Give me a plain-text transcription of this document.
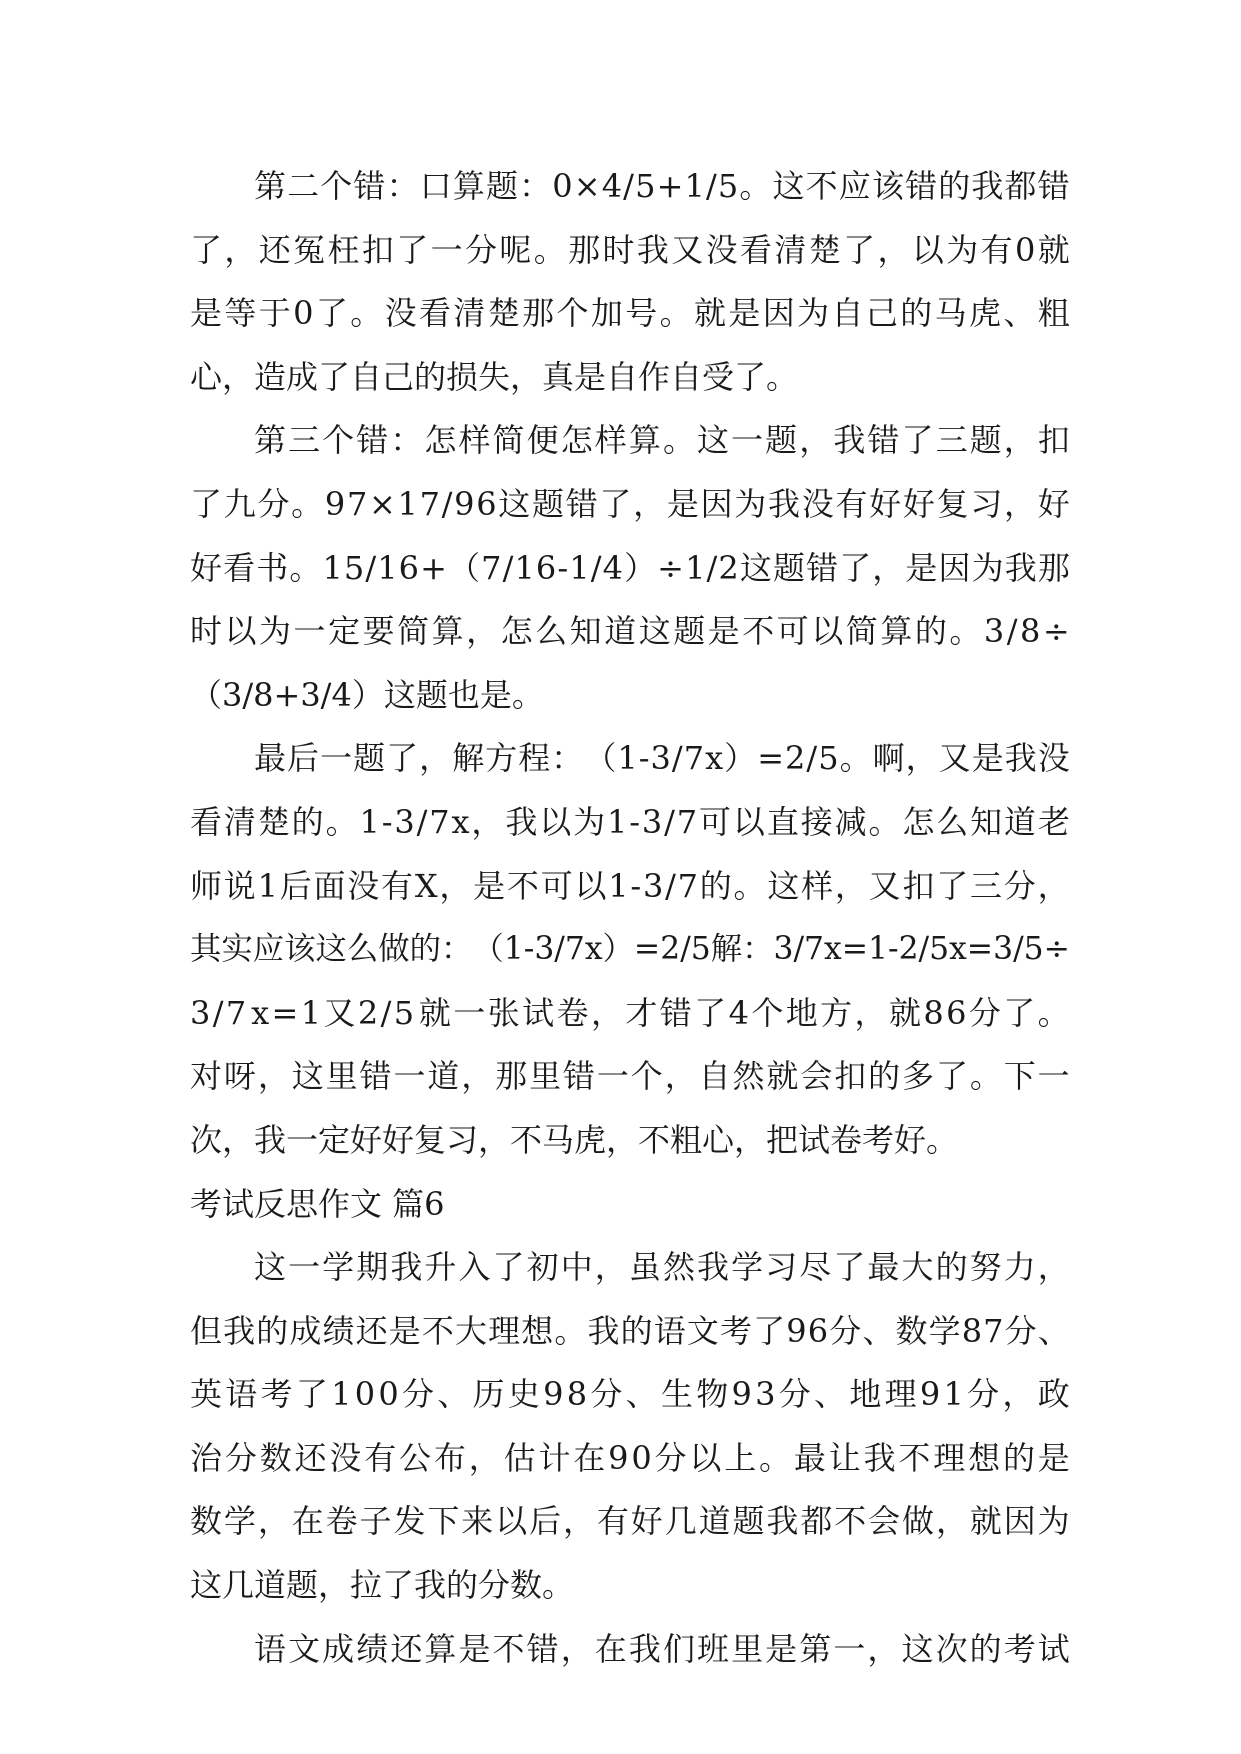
第 二 个 错 ： 口 算 题 ： 0 × 4 / 5 + 1 / 5 。 这 不 应 该 错 的 我 都 错
了 ， 还 冤 枉 扣 了 一 分 呢 。 那 时 我 又 没 看 清 楚 了 ， 以 为 有 0 就
是 等 于 0 了 。 没 看 清 楚 那 个 加 号 。 就 是 因 为 自 己 的 马 虎 、 粗
心，造成了自己的损失，真是自作自受了。
第 三 个 错 ： 怎 样 简 便 怎 样 算 。 这 一 题 ， 我 错 了 三 题 ， 扣
了 九 分 。 9 7 × 1 7 / 9 6 这 题 错 了 ， 是 因 为 我 没 有 好 好 复 习 ， 好
好 看 书 。 1 5 / 1 6 + （ 7 / 1 6 - 1 / 4 ） ÷ 1 / 2 这 题 错 了 ， 是 因 为 我 那
时 以 为 一 定 要 简 算 ， 怎 么 知 道 这 题 是 不 可 以 简 算 的 。 3 / 8 ÷
（3/8+3/4）这题也是。
最 后 一 题 了 ， 解 方 程 ： （ 1 - 3 / 7 x ） = 2 / 5 。 啊 ， 又 是 我 没
看 清 楚 的 。 1 - 3 / 7 x ， 我 以 为 1 - 3 / 7 可 以 直 接 减 。 怎 么 知 道 老
师 说 1 后 面 没 有 X ， 是 不 可 以 1 - 3 / 7 的 。 这 样 ， 又 扣 了 三 分 ，
其 实 应 该 这 么 做 的 ： （ 1 - 3 / 7 x ） = 2 / 5 解 ： 3 / 7 x = 1 - 2 / 5 x = 3 / 5 ÷
3 / 7 x = 1 又 2 / 5 就 一 张 试 卷 ， 才 错 了 4 个 地 方 ， 就 8 6 分 了 。
对 呀 ， 这 里 错 一 道 ， 那 里 错 一 个 ， 自 然 就 会 扣 的 多 了 。 下 一
次，我一定好好复习，不马虎，不粗心，把试卷考好。
考试反思作文 篇6
这 一 学 期 我 升 入 了 初 中 ， 虽 然 我 学 习 尽 了 最 大 的 努 力 ，
但 我 的 成 绩 还 是 不 大 理 想 。 我 的 语 文 考 了 9 6 分 、 数 学 8 7 分 、
英 语 考 了 1 0 0 分 、 历 史 9 8 分 、 生 物 9 3 分 、 地 理 9 1 分 ， 政
治 分 数 还 没 有 公 布 ， 估 计 在 9 0 分 以 上 。 最 让 我 不 理 想 的 是
数 学 ， 在 卷 子 发 下 来 以 后 ， 有 好 几 道 题 我 都 不 会 做 ， 就 因 为
这几道题，拉了我的分数。
语 文 成 绩 还 算 是 不 错 ， 在 我 们 班 里 是 第 一 ， 这 次 的 考 试
